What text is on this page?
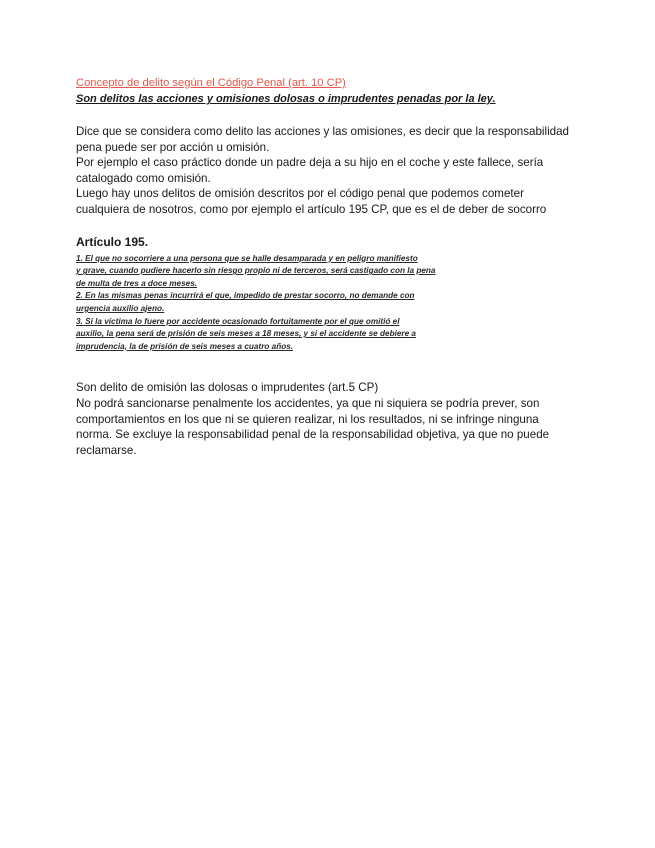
Concepto de delito según el Código Penal (art. 10 CP)

Son delitos las acciones y omisiones dolosas o imprudentes penadas por la ley.

Dice que se considera como delito las acciones y las omisiones, es decir que la responsabilidad

pena puede ser por acción u omisión.

Por ejemplo el caso práctico donde un padre deja a su hijo en el coche y este fallece, sería

catalogado como omisión.

Luego hay unos delitos de omisión descritos por el código penal que podemos cometer

cualquiera de nosotros, como por ejemplo el artículo 195 CP, que es el de deber de socorro

Artículo 195.

1. El que no socorriere a una persona que se halle desamparada y en peligro manifiesto

y grave, cuando pudiere hacerlo sin riesgo propio ni de terceros, será castigado con la pena

de multa de tres a doce meses.

2. En las mismas penas incurrirá el que, impedido de prestar socorro, no demande con

urgencia auxilio ajeno.

3. Si la víctima lo fuere por accidente ocasionado fortuitamente por el que omitió el

auxilio, la pena será de prisión de seis meses a 18 meses, y si el accidente se debiere a

imprudencia, la de prisión de seis meses a cuatro años.

Son delito de omisión las dolosas o imprudentes (art.5 CP)

No podrá sancionarse penalmente los accidentes, ya que ni siquiera se podría prever, son

comportamientos en los que ni se quieren realizar, ni los resultados, ni se infringe ninguna

norma. Se excluye la responsabilidad penal de la responsabilidad objetiva, ya que no puede

reclamarse.
